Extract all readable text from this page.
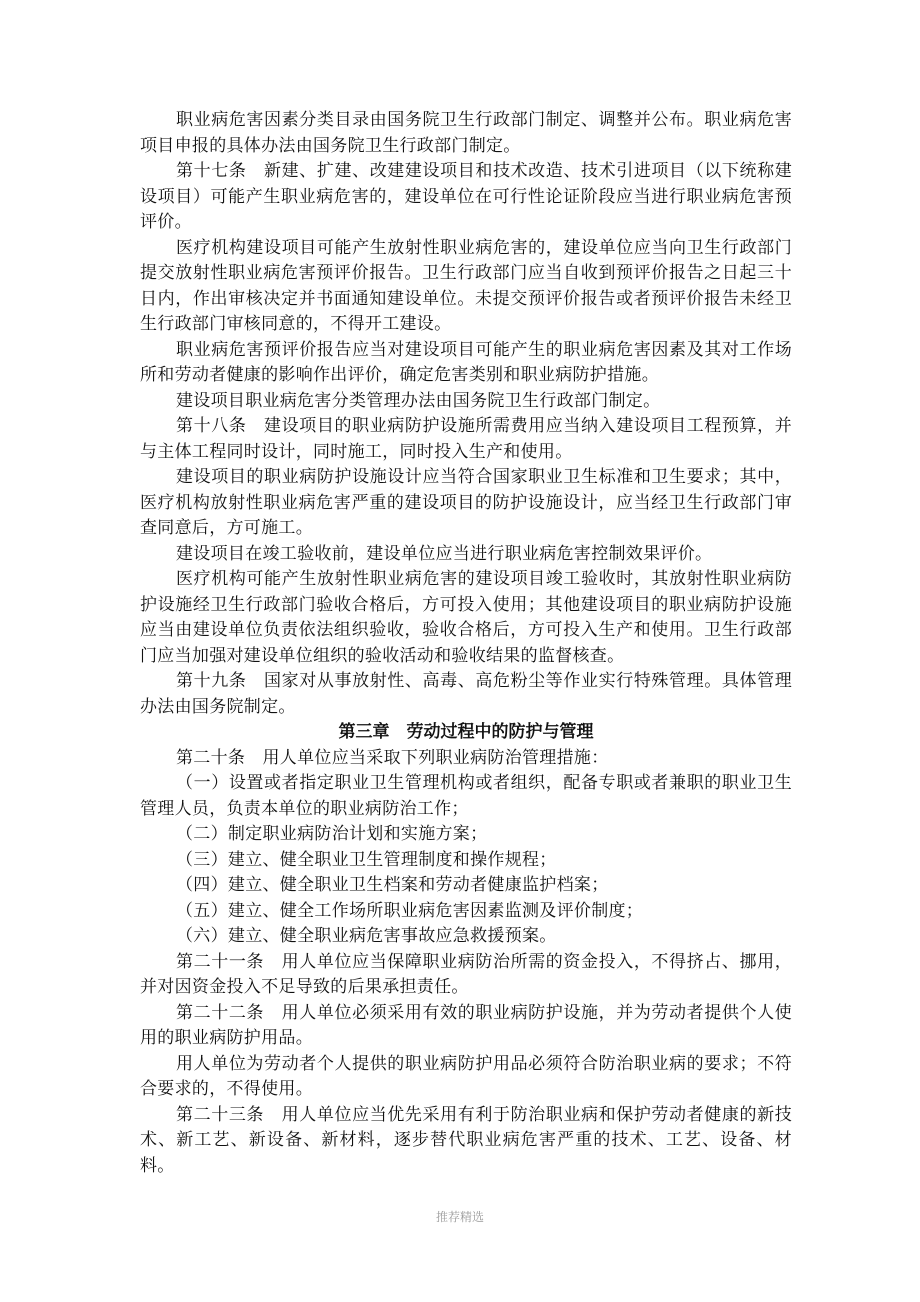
职业病危害因素分类目录由国务院卫生行政部门制定、调整并公布。职业病危害项目申报的具体办法由国务院卫生行政部门制定。

第十七条　新建、扩建、改建建设项目和技术改造、技术引进项目（以下统称建设项目）可能产生职业病危害的，建设单位在可行性论证阶段应当进行职业病危害预评价。

医疗机构建设项目可能产生放射性职业病危害的，建设单位应当向卫生行政部门提交放射性职业病危害预评价报告。卫生行政部门应当自收到预评价报告之日起三十日内，作出审核决定并书面通知建设单位。未提交预评价报告或者预评价报告未经卫生行政部门审核同意的，不得开工建设。

职业病危害预评价报告应当对建设项目可能产生的职业病危害因素及其对工作场所和劳动者健康的影响作出评价，确定危害类别和职业病防护措施。

建设项目职业病危害分类管理办法由国务院卫生行政部门制定。

第十八条　建设项目的职业病防护设施所需费用应当纳入建设项目工程预算，并与主体工程同时设计，同时施工，同时投入生产和使用。

建设项目的职业病防护设施设计应当符合国家职业卫生标准和卫生要求；其中，医疗机构放射性职业病危害严重的建设项目的防护设施设计，应当经卫生行政部门审查同意后，方可施工。

建设项目在竣工验收前，建设单位应当进行职业病危害控制效果评价。

医疗机构可能产生放射性职业病危害的建设项目竣工验收时，其放射性职业病防护设施经卫生行政部门验收合格后，方可投入使用；其他建设项目的职业病防护设施应当由建设单位负责依法组织验收，验收合格后，方可投入生产和使用。卫生行政部门应当加强对建设单位组织的验收活动和验收结果的监督核查。

第十九条　国家对从事放射性、高毒、高危粉尘等作业实行特殊管理。具体管理办法由国务院制定。

第三章　劳动过程中的防护与管理

第二十条　用人单位应当采取下列职业病防治管理措施：

（一）设置或者指定职业卫生管理机构或者组织，配备专职或者兼职的职业卫生管理人员，负责本单位的职业病防治工作；

（二）制定职业病防治计划和实施方案；

（三）建立、健全职业卫生管理制度和操作规程；

（四）建立、健全职业卫生档案和劳动者健康监护档案；

（五）建立、健全工作场所职业病危害因素监测及评价制度；

（六）建立、健全职业病危害事故应急救援预案。

第二十一条　用人单位应当保障职业病防治所需的资金投入，不得挤占、挪用，并对因资金投入不足导致的后果承担责任。

第二十二条　用人单位必须采用有效的职业病防护设施，并为劳动者提供个人使用的职业病防护用品。

用人单位为劳动者个人提供的职业病防护用品必须符合防治职业病的要求；不符合要求的，不得使用。

第二十三条　用人单位应当优先采用有利于防治职业病和保护劳动者健康的新技术、新工艺、新设备、新材料，逐步替代职业病危害严重的技术、工艺、设备、材料。

推荐精选
